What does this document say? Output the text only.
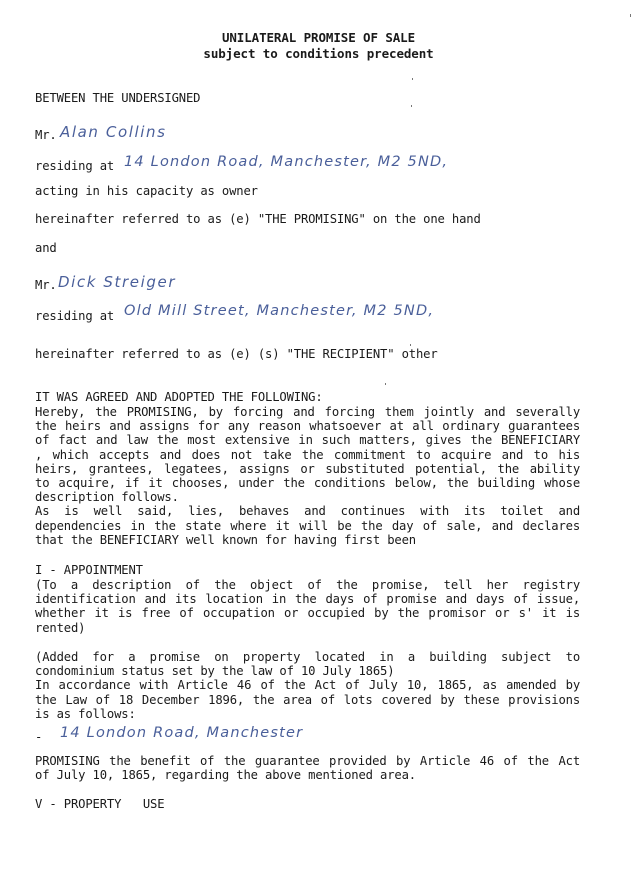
UNILATERAL PROMISE OF SALE
subject to conditions precedent
BETWEEN THE UNDERSIGNED
Mr. Alan Collins
residing at 14 London Road, Manchester, M2 5ND,
acting in his capacity as owner
hereinafter referred to as (e) "THE PROMISING" on the one hand
and
Mr. Dick Streiger
residing at Old Mill Street, Manchester, M2 5ND,
hereinafter referred to as (e) (s) "THE RECIPIENT" other
IT WAS AGREED AND ADOPTED THE FOLLOWING:
Hereby, the PROMISING, by forcing and forcing them jointly and severally
the heirs and assigns for any reason whatsoever at all ordinary guarantees
of fact and law the most extensive in such matters, gives the BENEFICIARY
, which accepts and does not take the commitment to acquire and to his
heirs, grantees, legatees, assigns or substituted potential, the ability
to acquire, if it chooses, under the conditions below, the building whose
description follows.
As is well said, lies, behaves and continues with its toilet and
dependencies in the state where it will be the day of sale, and declares
that the BENEFICIARY well known for having first been
I - APPOINTMENT
(To a description of the object of the promise, tell her registry
identification and its location in the days of promise and days of issue,
whether it is free of occupation or occupied by the promisor or s' it is
rented)
(Added for a promise on property located in a building subject to
condominium status set by the law of 10 July 1865)
In accordance with Article 46 of the Act of July 10, 1865, as amended by
the Law of 18 December 1896, the area of lots covered by these provisions
is as follows:
- 14 London Road, Manchester
PROMISING the benefit of the guarantee provided by Article 46 of the Act
of July 10, 1865, regarding the above mentioned area.
V - PROPERTY   USE
